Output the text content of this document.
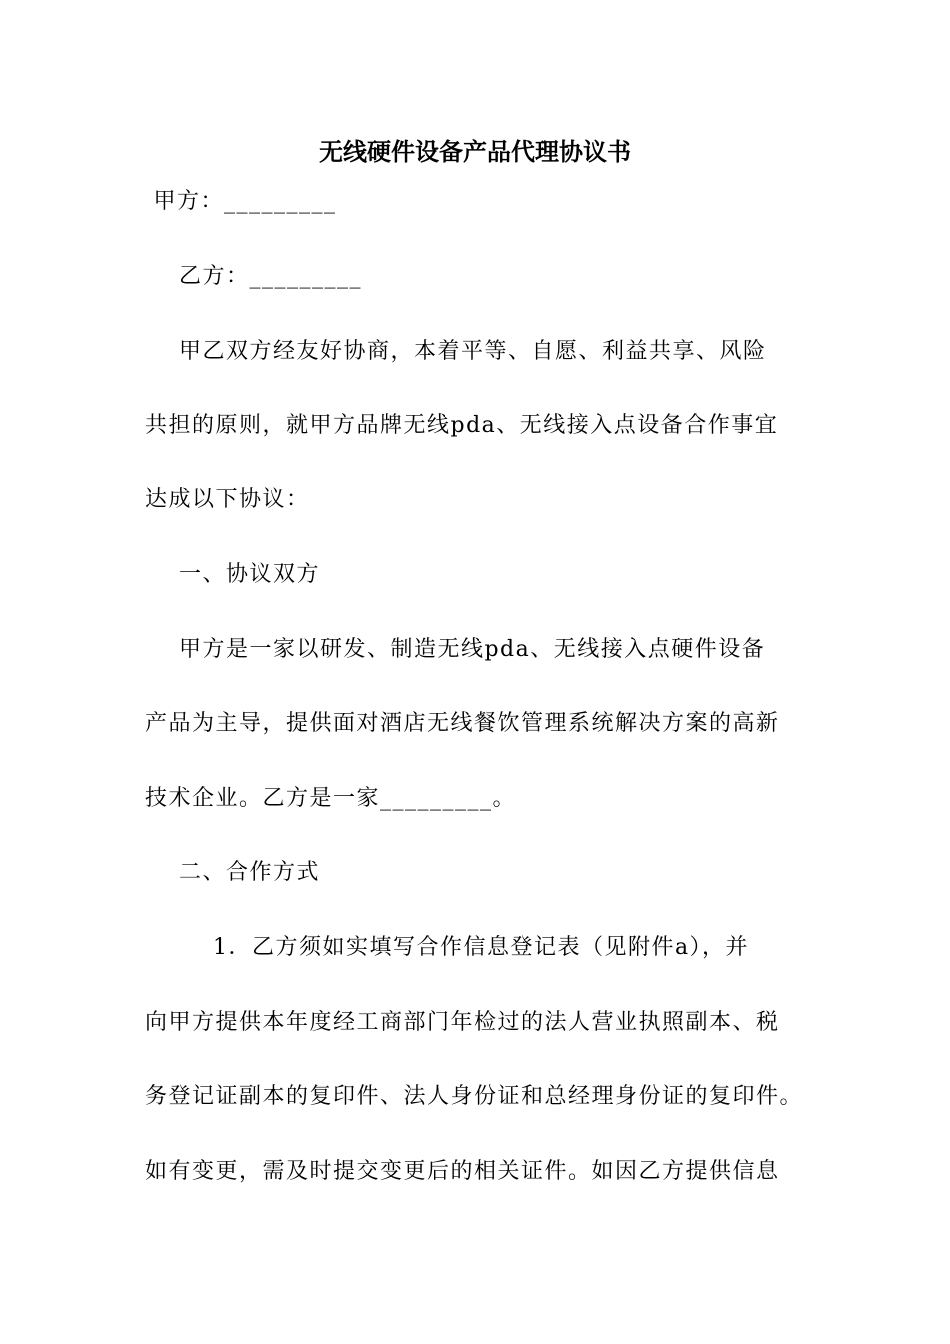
无线硬件设备产品代理协议书
甲方：_________
乙方：_________
甲乙双方经友好协商，本着平等、自愿、利益共享、风险
共担的原则，就甲方品牌无线pda、无线接入点设备合作事宜
达成以下协议：
一、协议双方
甲方是一家以研发、制造无线pda、无线接入点硬件设备
产品为主导，提供面对酒店无线餐饮管理系统解决方案的高新
技术企业。乙方是一家_________。
二、合作方式
1．乙方须如实填写合作信息登记表（见附件a），并
向甲方提供本年度经工商部门年检过的法人营业执照副本、税
务登记证副本的复印件、法人身份证和总经理身份证的复印件。
如有变更，需及时提交变更后的相关证件。如因乙方提供信息
